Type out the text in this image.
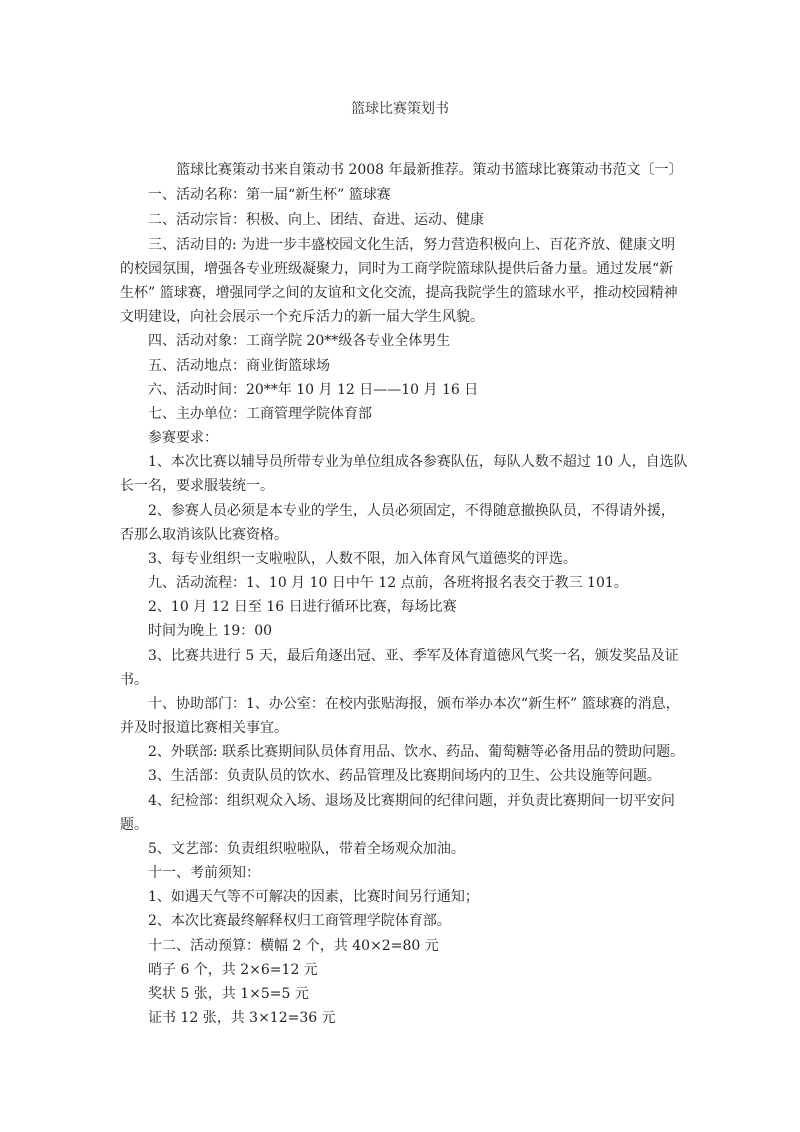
篮球比赛策划书
篮球比赛策动书来自策动书 2008 年最新推荐。策动书篮球比赛策动书范文〔一〕
一、活动名称：第一届“新生杯” 篮球赛
二、活动宗旨：积极、向上、团结、奋进、运动、健康
三、活动目的: 为进一步丰盛校园文化生活，努力营造积极向上、百花齐放、健康文明
的校园氛围，增强各专业班级凝聚力，同时为工商学院篮球队提供后备力量。通过发展“新
生杯” 篮球赛，增强同学之间的友谊和文化交流，提高我院学生的篮球水平，推动校园精神
文明建设，向社会展示一个充斥活力的新一届大学生风貌。
四、活动对象：工商学院 20**级各专业全体男生
五、活动地点：商业街篮球场
六、活动时间：20**年 10 月 12 日——10 月 16 日
七、主办单位：工商管理学院体育部
参赛要求：
1、本次比赛以辅导员所带专业为单位组成各参赛队伍，每队人数不超过 10 人，自选队
长一名，要求服装统一。
2、参赛人员必须是本专业的学生，人员必须固定，不得随意撤换队员，不得请外援，
否那么取消该队比赛资格。
3、每专业组织一支啦啦队，人数不限，加入体育风气道德奖的评选。
九、活动流程：1、10 月 10 日中午 12 点前，各班将报名表交于教三 101。
2、10 月 12 日至 16 日进行循环比赛，每场比赛
时间为晚上 19：00
3、比赛共进行 5 天，最后角逐出冠、亚、季军及体育道德风气奖一名，颁发奖品及证
书。
十、协助部门：1、办公室：在校内张贴海报，颁布举办本次“新生杯” 篮球赛的消息，
并及时报道比赛相关事宜。
2、外联部: 联系比赛期间队员体育用品、饮水、药品、葡萄糖等必备用品的赞助问题。
3、生活部：负责队员的饮水、药品管理及比赛期间场内的卫生、公共设施等问题。
4、纪检部：组织观众入场、退场及比赛期间的纪律问题，并负责比赛期间一切平安问
题。
5、文艺部：负责组织啦啦队，带着全场观众加油。
十一、考前须知：
1、如遇天气等不可解决的因素，比赛时间另行通知；
2、本次比赛最终解释权归工商管理学院体育部。
十二、活动预算：横幅 2 个，共 40×2=80 元
哨子 6 个，共 2×6=12 元
奖状 5 张，共 1×5=5 元
证书 12 张，共 3×12=36 元
